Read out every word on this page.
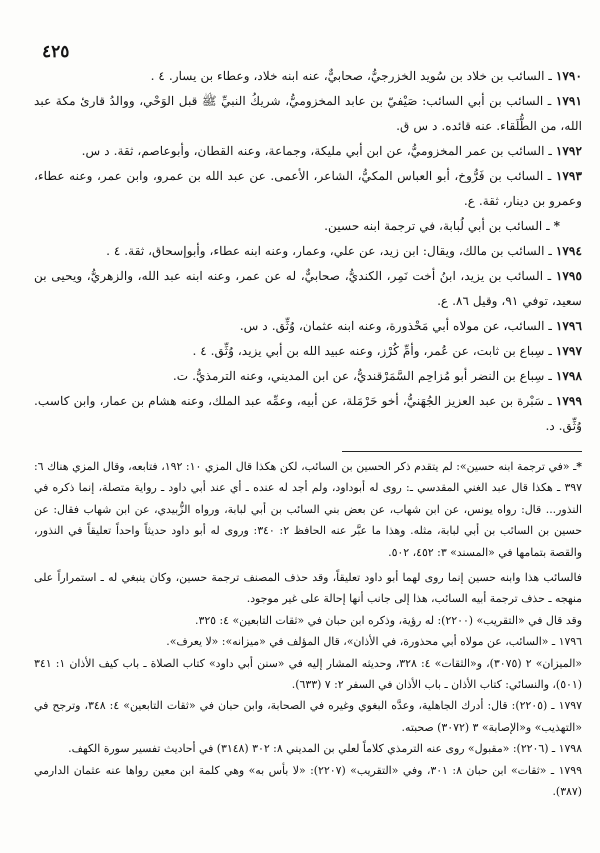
٤٢٥

١٧٩٠ ـ السائب بن خلاد بن سُويد الخزرجيُّ، صحابيٌّ، عنه ابنه خلاد، وعطاء بن يسار. ٤ .

١٧٩١ ـ السائب بن أبي السائب: صَيْفيّ بن عابد المخزوميُّ، شريكُ النبيِّ ﷺ قبل الوَحْي، ووالدُ قارئ مكة عبد الله، من الطُّلَقاء. عنه قائده. د س ق.

١٧٩٢ ـ السائب بن عمر المخزوميُّ، عن ابن أبي مليكة، وجماعة، وعنه القطان، وأبوعاصم، ثقة. د س.

١٧٩٣ ـ السائب بن فَرُّوخ، أبو العباس المكيُّ، الشاعر، الأعمى. عن عبد الله بن عمرو، وابن عمر، وعنه عطاء، وعمرو بن دينار، ثقة. ع.

* ـ السائب بن أبي لُبابة، في ترجمة ابنه حسين.

١٧٩٤ ـ السائب بن مالك، ويقال: ابن زيد، عن علي، وعمار، وعنه ابنه عطاء، وأبوإسحاق، ثقة. ٤ .

١٧٩٥ ـ السائب بن يزيد، ابنُ أخت نَمِر، الكنديُّ، صحابيٌّ، له عن عمر، وعنه ابنه عبد الله، والزهريُّ، ويحيى بن سعيد، توفي ٩١، وقيل ٨٦. ع.

١٧٩٦ ـ السائب، عن مولاه أبي مَحْذورة، وعنه ابنه عثمان، وُثِّق. د س.

١٧٩٧ ـ سِباع بن ثابت، عن عُمر، وأمِّ كُرْز، وعنه عبيد الله بن أبي يزيد، وُثِّق. ٤ .

١٧٩٨ ـ سِباع بن النضر أبو مُزاحِم السَّمَرْقنديُّ، عن ابن المديني، وعنه الترمذيُّ. ت.

١٧٩٩ ـ سَبْرة بن عبد العزيز الجُهَنيُّ، أخو حَرْمَلة، عن أبيه، وعمِّه عبد الملك، وعنه هشام بن عمار، وابن كاسب. وُثِّق. د.

*ـ «في ترجمة ابنه حسين»: لم يتقدم ذكر الحسين بن السائب، لكن هكذا قال المزي ١٠: ١٩٢، فتابعه، وقال المزي هناك ٦: ٣٩٧ ـ هكذا قال عبد الغني المقدسي ـ: روى له أبوداود، ولم أجد له عنده ـ أي عند أبي داود ـ رواية متصلة، إنما ذكره في النذور... قال: رواه يونس، عن ابن شهاب، عن بعض بني السائب بن أبي لبابة، ورواه الزُّبيدي، عن ابن شهاب فقال: عن حسين بن السائب بن أبي لبابة، مثله. وهذا ما عبَّر عنه الحافظ ٢: ٣٤٠: وروى له أبو داود حديثاً واحداً تعليقاً في النذور، والقصة بتمامها في «المسند» ٣: ٤٥٢، ٥٠٢.

فالسائب هذا وابنه حسين إنما روى لهما أبو داود تعليقاً، وقد حذف المصنف ترجمة حسين، وكان ينبغي له ـ استمراراً على منهجه ـ حذف ترجمة أبيه السائب، هذا إلى جانب أنها إحالة على غير موجود.

وقد قال في «التقريب» (٢٢٠٠): له رؤية، وذكره ابن حبان في «ثقات التابعين» ٤: ٣٢٥.

١٧٩٦ ـ «السائب، عن مولاه أبي محذورة، في الأذان»، قال المؤلف في «ميزانه»: «لا يعرف».

«الميزان» ٢ (٣٠٧٥)، و«الثقات» ٤: ٣٢٨، وحديثه المشار إليه في «سنن أبي داود» كتاب الصلاة ـ باب كيف الأذان ١: ٣٤١ (٥٠١)، والنسائي: كتاب الأذان ـ باب الأذان في السفر ٢: ٧ (٦٣٣).

١٧٩٧ ـ (٢٢٠٥): قال: أدرك الجاهلية، وعدَّه البغوي وغيره في الصحابة، وابن حبان في «ثقات التابعين» ٤: ٣٤٨، وترجح في «التهذيب» و«الإصابة» ٣ (٣٠٧٢) صحبته.

١٧٩٨ ـ (٢٢٠٦): «مقبول» روى عنه الترمذي كلاماً لعلي بن المديني ٨: ٣٠٢ (٣١٤٨) في أحاديث تفسير سورة الكهف.

١٧٩٩ ـ «ثقات» ابن حبان ٨: ٣٠١، وفي «التقريب» (٢٢٠٧): «لا بأس به» وهي كلمة ابن معين رواها عنه عثمان الدارمي (٣٨٧).
